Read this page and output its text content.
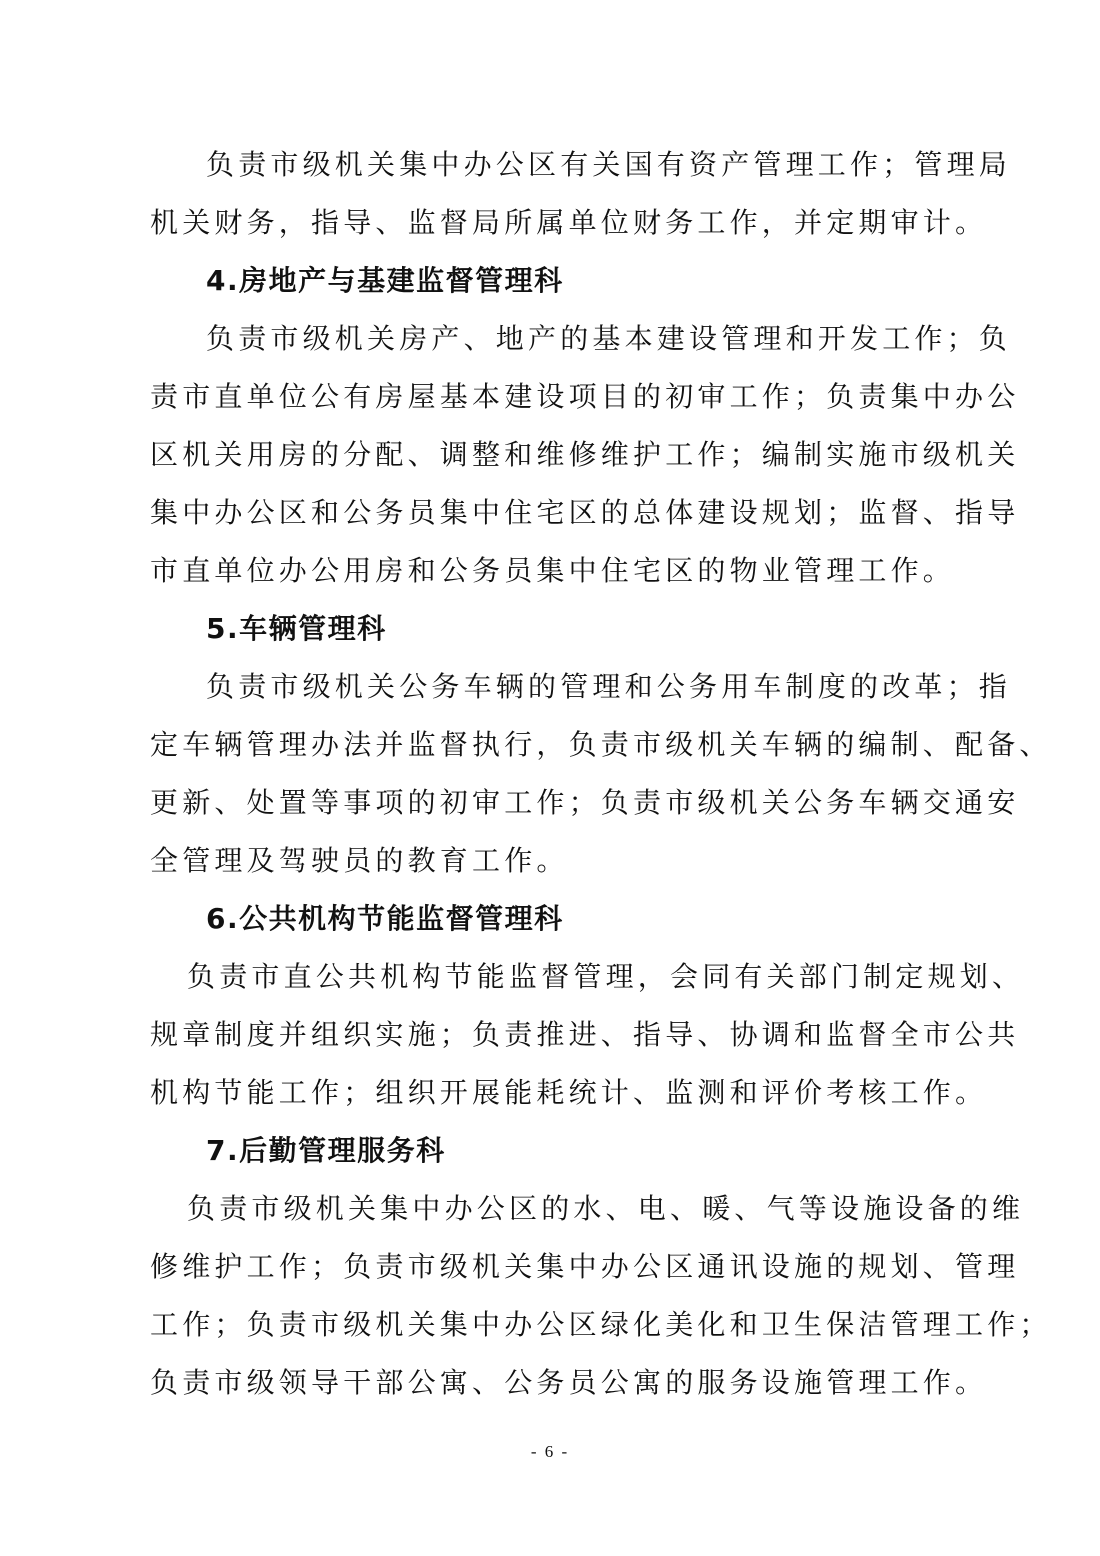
负责市级机关集中办公区有关国有资产管理工作；管理局
机关财务，指导、监督局所属单位财务工作，并定期审计。
4.房地产与基建监督管理科
负责市级机关房产、地产的基本建设管理和开发工作；负
责市直单位公有房屋基本建设项目的初审工作；负责集中办公
区机关用房的分配、调整和维修维护工作；编制实施市级机关
集中办公区和公务员集中住宅区的总体建设规划；监督、指导
市直单位办公用房和公务员集中住宅区的物业管理工作。
5.车辆管理科
负责市级机关公务车辆的管理和公务用车制度的改革；指
定车辆管理办法并监督执行，负责市级机关车辆的编制、配备、
更新、处置等事项的初审工作；负责市级机关公务车辆交通安
全管理及驾驶员的教育工作。
6.公共机构节能监督管理科
负责市直公共机构节能监督管理，会同有关部门制定规划、
规章制度并组织实施；负责推进、指导、协调和监督全市公共
机构节能工作；组织开展能耗统计、监测和评价考核工作。
7.后勤管理服务科
负责市级机关集中办公区的水、电、暖、气等设施设备的维
修维护工作；负责市级机关集中办公区通讯设施的规划、管理
工作；负责市级机关集中办公区绿化美化和卫生保洁管理工作；
负责市级领导干部公寓、公务员公寓的服务设施管理工作。
- 6 -
